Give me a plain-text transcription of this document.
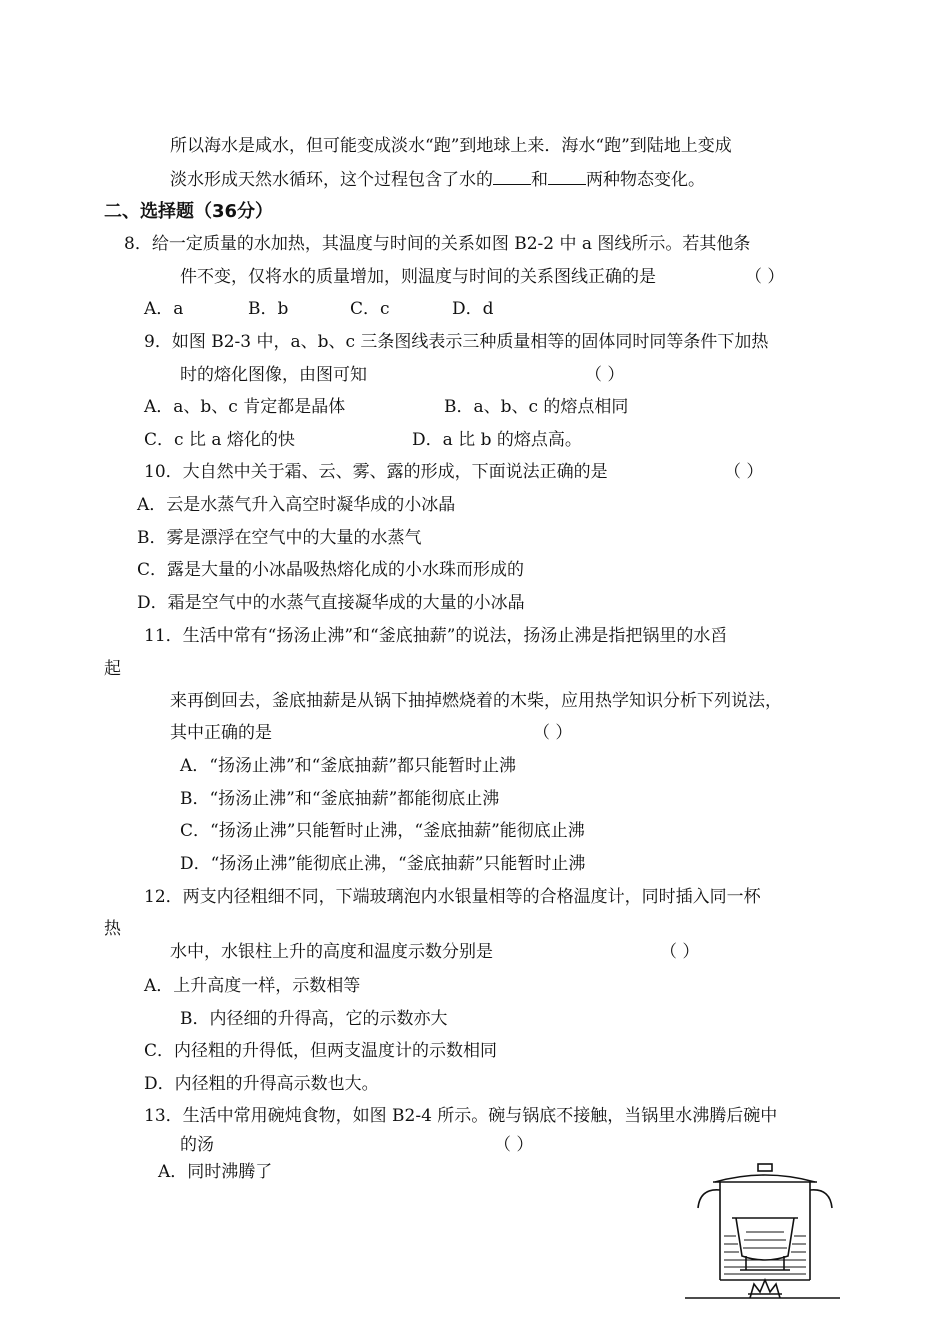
所以海水是咸水，但可能变成淡水“跑”到地球上来．海水“跑”到陆地上变成
淡水形成天然水循环，这个过程包含了水的 和 两种物态变化。
二、选择题（36分）
8．给一定质量的水加热，其温度与时间的关系如图 B2-2 中 a 图线所示。若其他条
件不变，仅将水的质量增加，则温度与时间的关系图线正确的是	（ ）
A．a	B．b	C．c	D．d
9．如图 B2-3 中，a、b、c 三条图线表示三种质量相等的固体同时同等条件下加热
时的熔化图像，由图可知	（ ）
A．a、b、c 肯定都是晶体	B．a、b、c 的熔点相同
C．c 比 a 熔化的快	D．a 比 b 的熔点高。
10．大自然中关于霜、云、雾、露的形成，下面说法正确的是	（ ）
A．云是水蒸气升入高空时凝华成的小冰晶
B．雾是漂浮在空气中的大量的水蒸气
C．露是大量的小冰晶吸热熔化成的小水珠而形成的
D．霜是空气中的水蒸气直接凝华成的大量的小冰晶
11．生活中常有“扬汤止沸”和“釜底抽薪”的说法，扬汤止沸是指把锅里的水舀
起
来再倒回去，釜底抽薪是从锅下抽掉燃烧着的木柴，应用热学知识分析下列说法，
其中正确的是	（ ）
A．“扬汤止沸”和“釜底抽薪”都只能暂时止沸
B．“扬汤止沸”和“釜底抽薪”都能彻底止沸
C．“扬汤止沸”只能暂时止沸，“釜底抽薪”能彻底止沸
D．“扬汤止沸”能彻底止沸，“釜底抽薪”只能暂时止沸
12．两支内径粗细不同，下端玻璃泡内水银量相等的合格温度计，同时插入同一杯
热
水中，水银柱上升的高度和温度示数分别是	（ ）
A．上升高度一样，示数相等
B．内径细的升得高，它的示数亦大
C．内径粗的升得低，但两支温度计的示数相同
D．内径粗的升得高示数也大。
13．生活中常用碗炖食物，如图 B2-4 所示。碗与锅底不接触，当锅里水沸腾后碗中
的汤	（ ）
A．同时沸腾了
